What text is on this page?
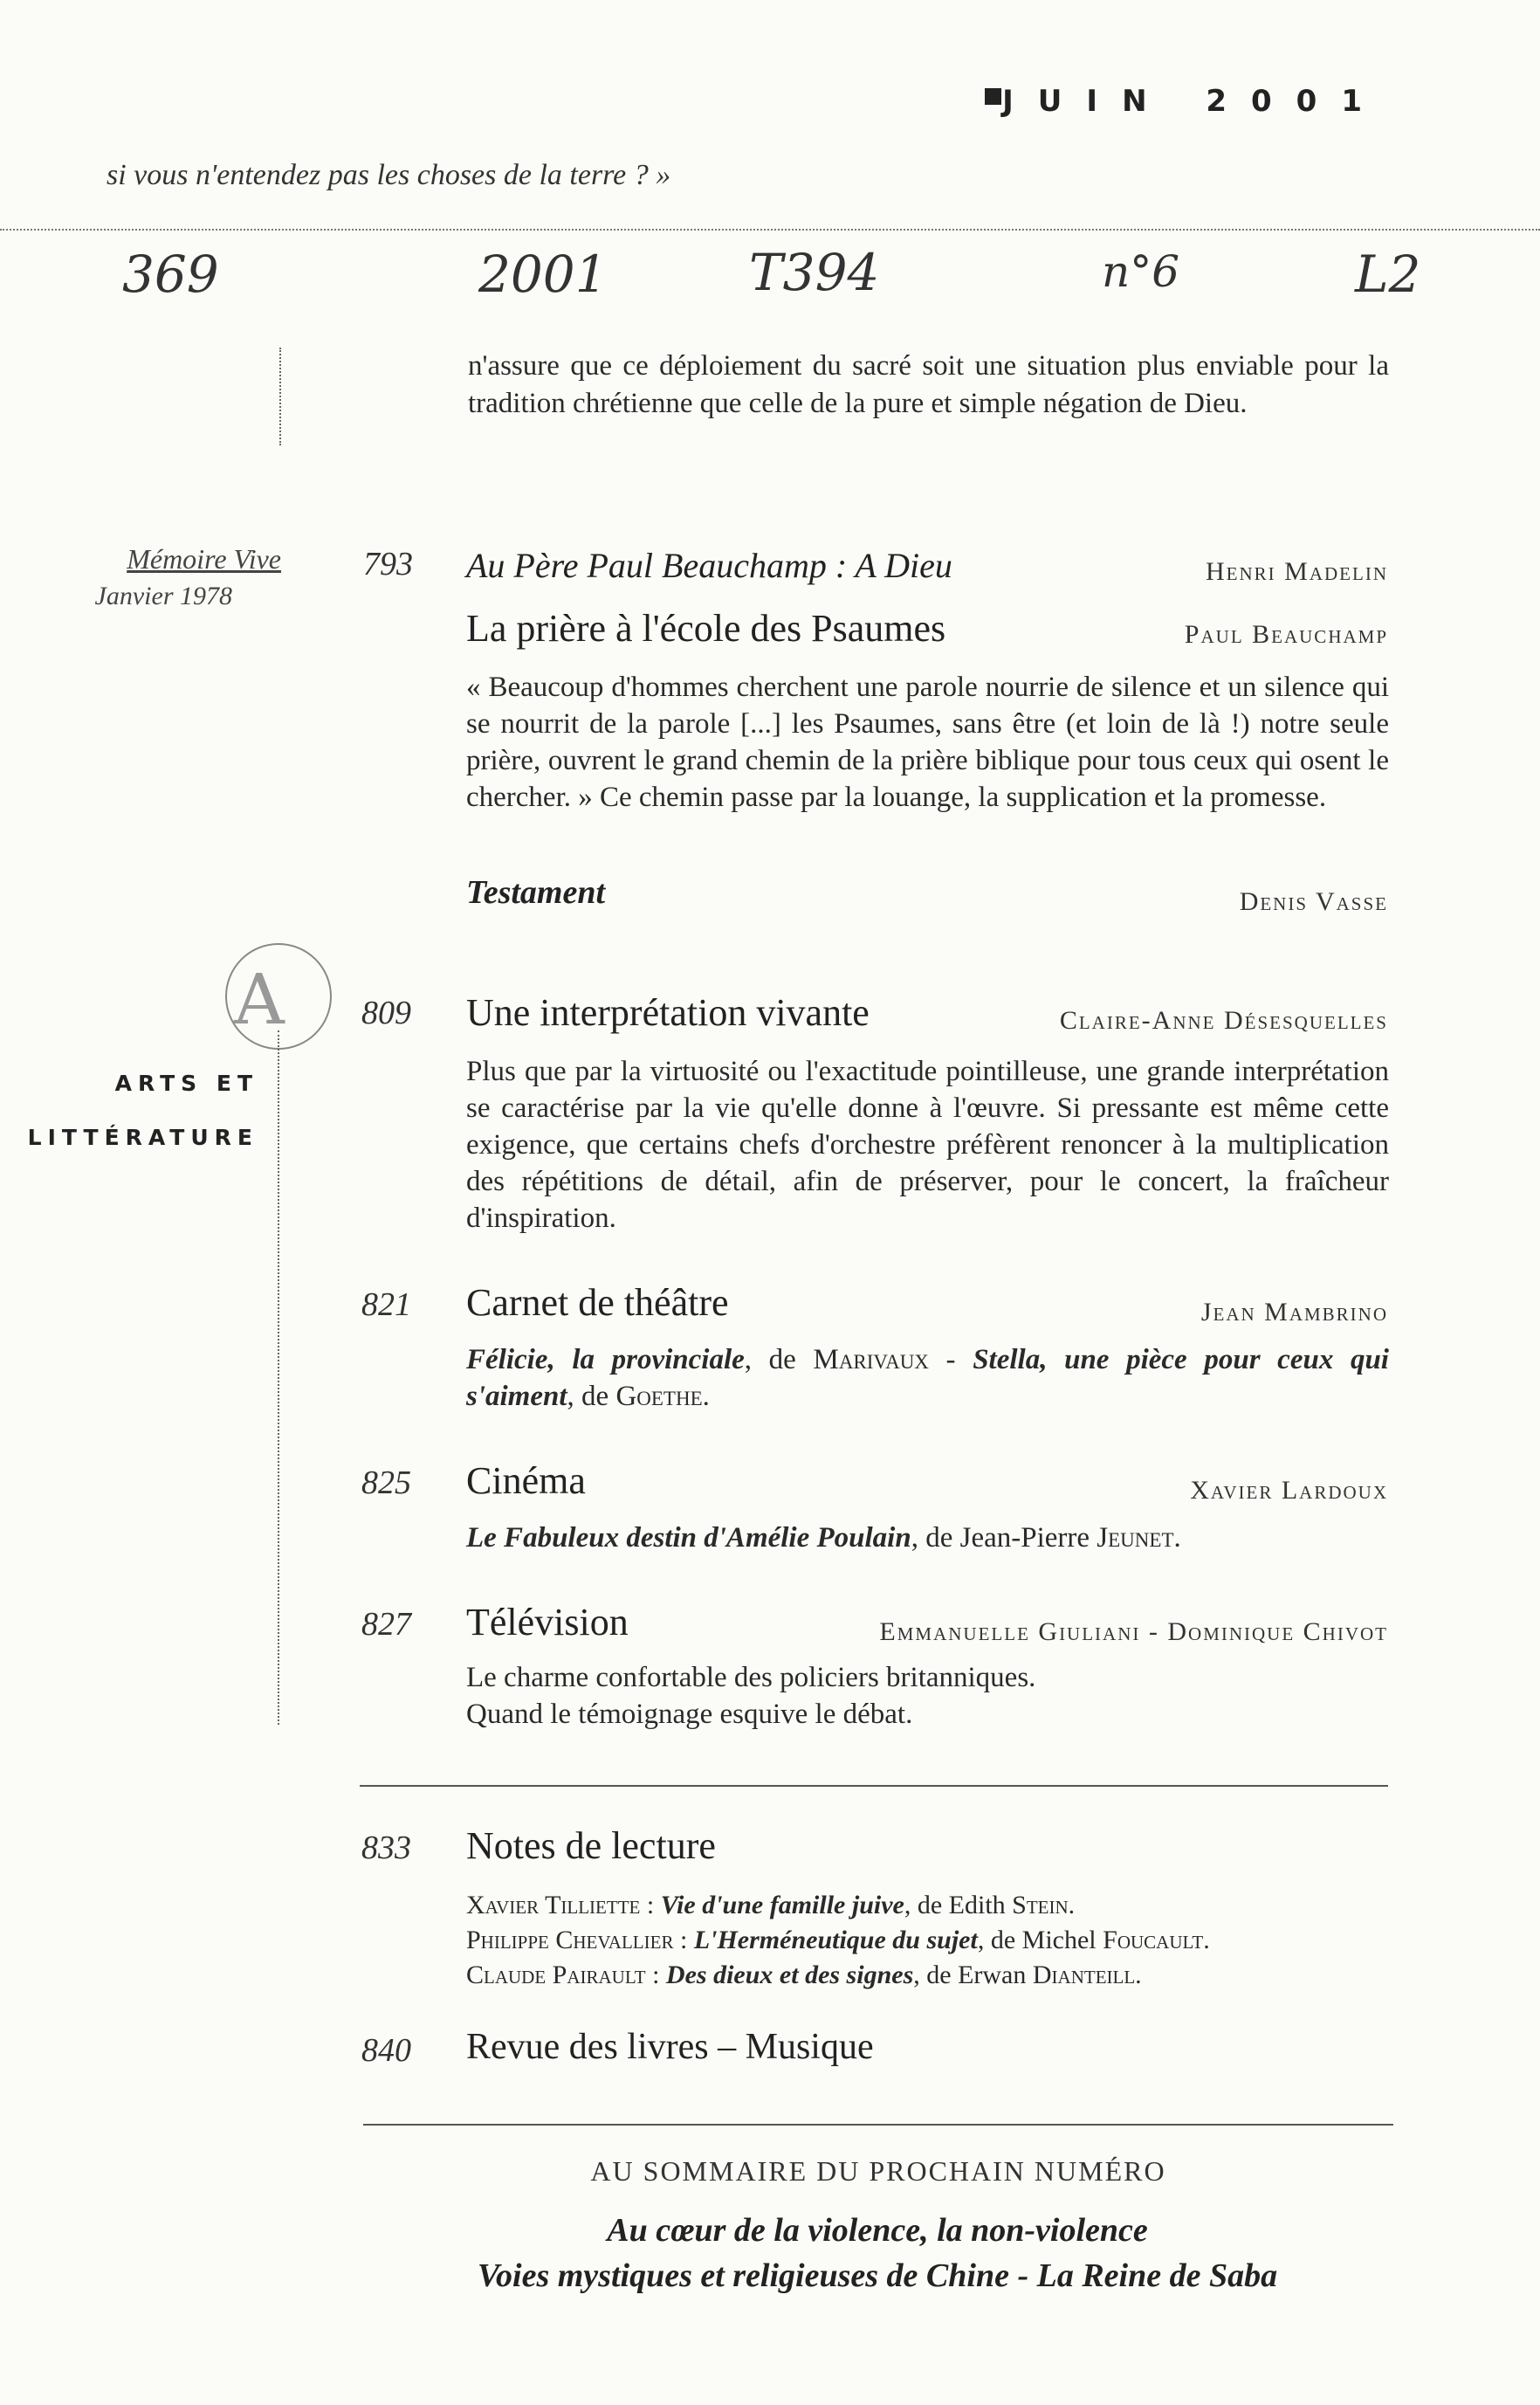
JUIN 2001
si vous n'entendez pas les choses de la terre ? »
369	2001	T394	n°6	L2
n'assure que ce déploiement du sacré soit une situation plus enviable pour la tradition chrétienne que celle de la pure et simple négation de Dieu.
Mémoire Vive
Janvier 1978
793 Au Père Paul Beauchamp : A Dieu	Henri Madelin
La prière à l'école des Psaumes	Paul Beauchamp
« Beaucoup d'hommes cherchent une parole nourrie de silence et un silence qui se nourrit de la parole [...] les Psaumes, sans être (et loin de là !) notre seule prière, ouvrent le grand chemin de la prière biblique pour tous ceux qui osent le chercher. » Ce chemin passe par la louange, la supplication et la promesse.
Testament	Denis Vasse
A
ARTS ET
LITTÉRATURE
809 Une interprétation vivante	Claire-Anne Désesquelles
Plus que par la virtuosité ou l'exactitude pointilleuse, une grande interprétation se caractérise par la vie qu'elle donne à l'œuvre. Si pressante est même cette exigence, que certains chefs d'orchestre préfèrent renoncer à la multiplication des répétitions de détail, afin de préserver, pour le concert, la fraîcheur d'inspiration.
821 Carnet de théâtre	Jean Mambrino
Félicie, la provinciale, de Marivaux - Stella, une pièce pour ceux qui s'aiment, de Goethe.
825 Cinéma	Xavier Lardoux
Le Fabuleux destin d'Amélie Poulain, de Jean-Pierre Jeunet.
827 Télévision	Emmanuelle Giuliani - Dominique Chivot
Le charme confortable des policiers britanniques.
Quand le témoignage esquive le débat.
833 Notes de lecture
Xavier Tilliette : Vie d'une famille juive, de Edith Stein.
Philippe Chevallier : L'Herméneutique du sujet, de Michel Foucault.
Claude Pairault : Des dieux et des signes, de Erwan Dianteill.
840 Revue des livres – Musique
AU SOMMAIRE DU PROCHAIN NUMÉRO
Au cœur de la violence, la non-violence
Voies mystiques et religieuses de Chine - La Reine de Saba
